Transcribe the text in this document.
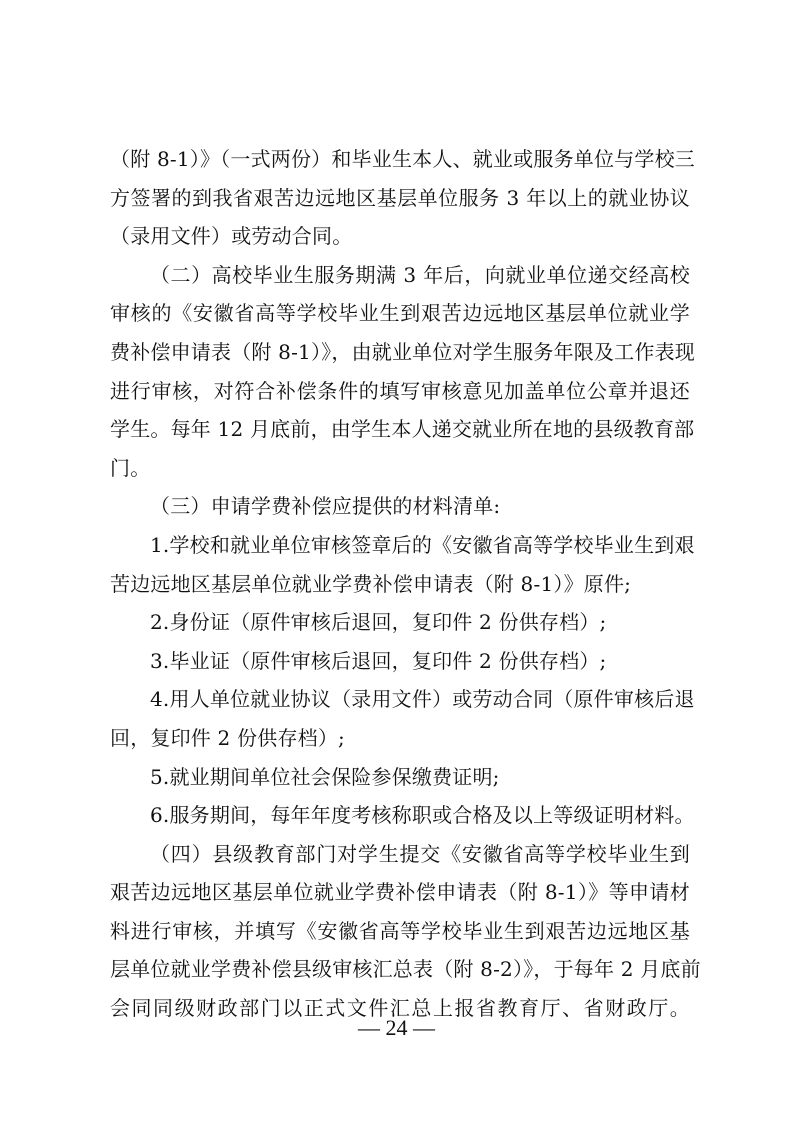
（附 8-1）》（一式两份）和毕业生本人、就业或服务单位与学校三
方签署的到我省艰苦边远地区基层单位服务 3 年以上的就业协议
（录用文件）或劳动合同。
（二）高校毕业生服务期满 3 年后，向就业单位递交经高校
审核的《安徽省高等学校毕业生到艰苦边远地区基层单位就业学
费补偿申请表（附 8-1）》，由就业单位对学生服务年限及工作表现
进行审核，对符合补偿条件的填写审核意见加盖单位公章并退还
学生。每年 12 月底前，由学生本人递交就业所在地的县级教育部
门。
（三）申请学费补偿应提供的材料清单:
1.学校和就业单位审核签章后的《安徽省高等学校毕业生到艰
苦边远地区基层单位就业学费补偿申请表（附 8-1）》原件;
2.身份证（原件审核后退回，复印件 2 份供存档）;
3.毕业证（原件审核后退回，复印件 2 份供存档）;
4.用人单位就业协议（录用文件）或劳动合同（原件审核后退
回，复印件 2 份供存档）;
5.就业期间单位社会保险参保缴费证明;
6.服务期间，每年年度考核称职或合格及以上等级证明材料。
（四）县级教育部门对学生提交《安徽省高等学校毕业生到
艰苦边远地区基层单位就业学费补偿申请表（附 8-1）》等申请材
料进行审核，并填写《安徽省高等学校毕业生到艰苦边远地区基
层单位就业学费补偿县级审核汇总表（附 8-2）》，于每年 2 月底前
会同同级财政部门以正式文件汇总上报省教育厅、省财政厅。
— 24 —
